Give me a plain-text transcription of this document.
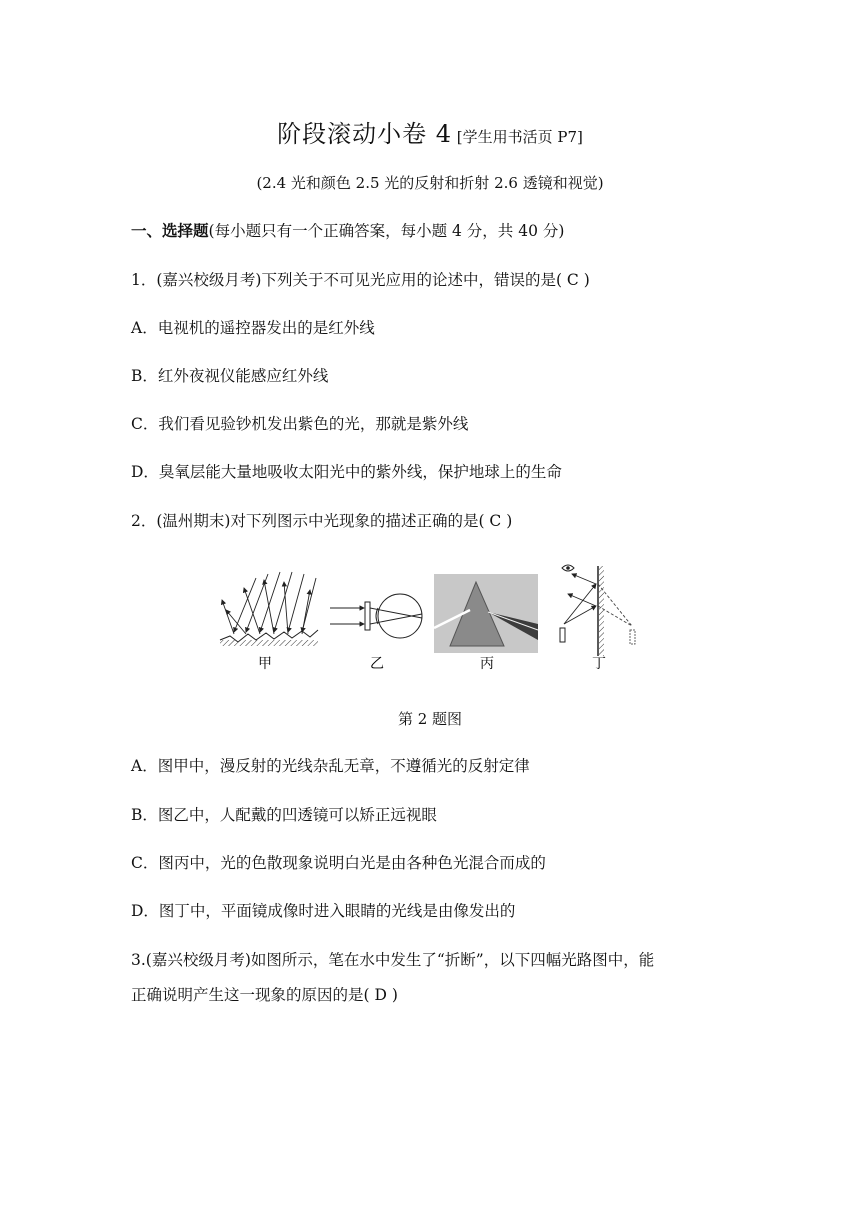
阶段滚动小卷 4 [学生用书活页 P7]
(2.4 光和颜色 2.5 光的反射和折射 2.6 透镜和视觉)
一、选择题(每小题只有一个正确答案，每小题 4 分，共 40 分)
1．(嘉兴校级月考)下列关于不可见光应用的论述中，错误的是( C )
A．电视机的遥控器发出的是红外线
B．红外夜视仪能感应红外线
C．我们看见验钞机发出紫色的光，那就是紫外线
D．臭氧层能大量地吸收太阳光中的紫外线，保护地球上的生命
2．(温州期末)对下列图示中光现象的描述正确的是( C )
甲	乙	丙	丁
第 2 题图
A．图甲中，漫反射的光线杂乱无章，不遵循光的反射定律
B．图乙中，人配戴的凹透镜可以矫正远视眼
C．图丙中，光的色散现象说明白光是由各种色光混合而成的
D．图丁中，平面镜成像时进入眼睛的光线是由像发出的
3.(嘉兴校级月考)如图所示，笔在水中发生了“折断”，以下四幅光路图中，能
正确说明产生这一现象的原因的是( D )
